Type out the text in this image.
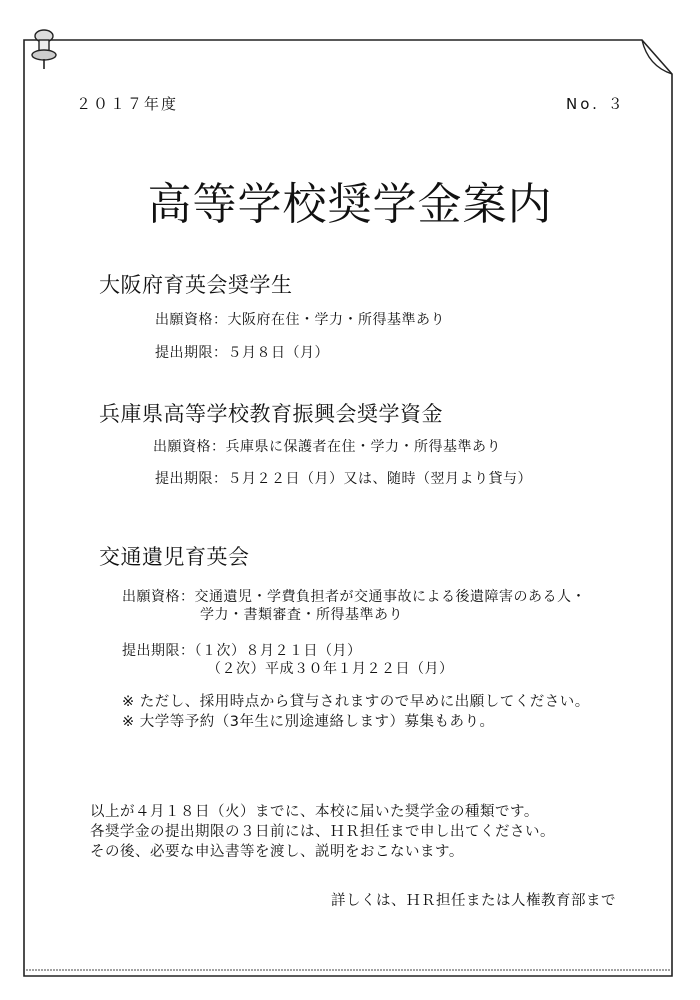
２０１７年度	No. ３
高等学校奨学金案内
大阪府育英会奨学生
出願資格：大阪府在住・学力・所得基準あり
提出期限：５月８日（月）
兵庫県高等学校教育振興会奨学資金
出願資格：兵庫県に保護者在住・学力・所得基準あり
提出期限：５月２２日（月）又は、随時（翌月より貸与）
交通遺児育英会
出願資格：交通遺児・学費負担者が交通事故による後遺障害のある人・
学力・書類審査・所得基準あり
提出期限：（１次）８月２１日（月）
（２次）平成３０年１月２２日（月）
※ ただし、採用時点から貸与されますので早めに出願してください。
※ 大学等予約（3年生に別途連絡します）募集もあり。
以上が４月１８日（火）までに、本校に届いた奨学金の種類です。
各奨学金の提出期限の３日前には、ＨＲ担任まで申し出てください。
その後、必要な申込書等を渡し、説明をおこないます。
詳しくは、ＨＲ担任または人権教育部まで
